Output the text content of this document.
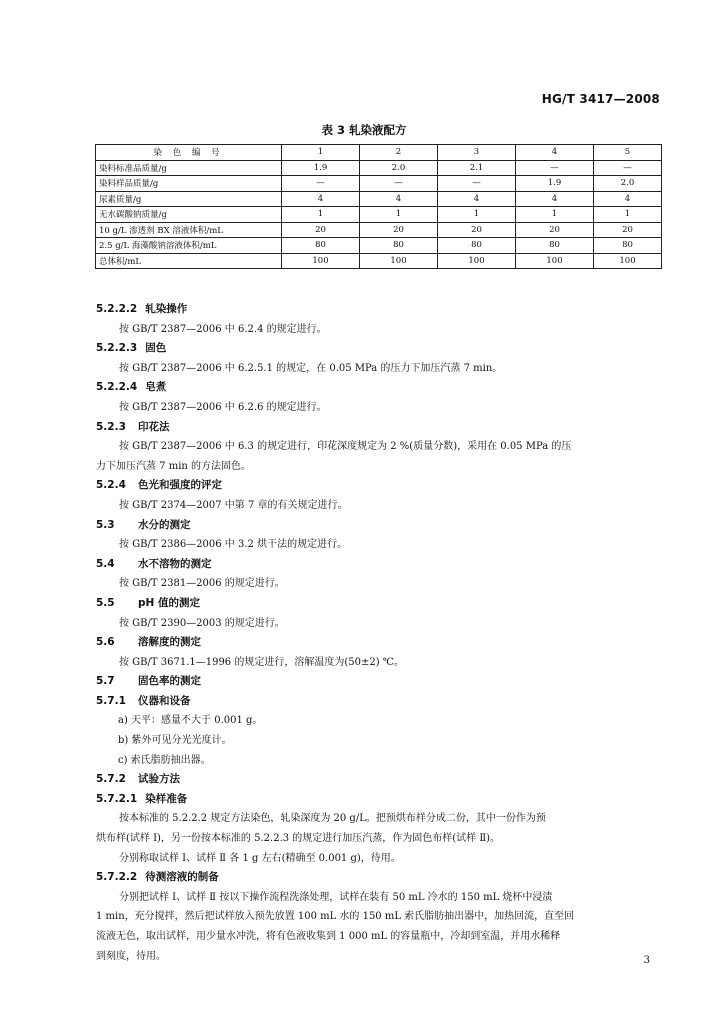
HG/T 3417—2008
表 3 轧染液配方
染 色 编 号	1	2	3	4	5
染料标准品质量/g	1.9	2.0	2.1	—	—
染料样品质量/g	—	—	—	1.9	2.0
尿素质量/g	4	4	4	4	4
无水碳酸钠质量/g	1	1	1	1	1
10 g/L 渗透剂 BX 溶液体积/mL	20	20	20	20	20
2.5 g/L 海藻酸钠溶液体积/mL	80	80	80	80	80
总体积/mL	100	100	100	100	100
5.2.2.2 轧染操作
按 GB/T 2387—2006 中 6.2.4 的规定进行。
5.2.2.3 固色
按 GB/T 2387—2006 中 6.2.5.1 的规定，在 0.05 MPa 的压力下加压汽蒸 7 min。
5.2.2.4 皂煮
按 GB/T 2387—2006 中 6.2.6 的规定进行。
5.2.3 印花法
按 GB/T 2387—2006 中 6.3 的规定进行，印花深度规定为 2 %(质量分数)，采用在 0.05 MPa 的压
力下加压汽蒸 7 min 的方法固色。
5.2.4 色光和强度的评定
按 GB/T 2374—2007 中第 7 章的有关规定进行。
5.3 水分的测定
按 GB/T 2386—2006 中 3.2 烘干法的规定进行。
5.4 水不溶物的测定
按 GB/T 2381—2006 的规定进行。
5.5 pH 值的测定
按 GB/T 2390—2003 的规定进行。
5.6 溶解度的测定
按 GB/T 3671.1—1996 的规定进行，溶解温度为(50±2) ℃。
5.7 固色率的测定
5.7.1 仪器和设备
a) 天平：感量不大于 0.001 g。
b) 紫外可见分光光度计。
c) 索氏脂肪抽出器。
5.7.2 试验方法
5.7.2.1 染样准备
按本标准的 5.2.2.2 规定方法染色，轧染深度为 20 g/L。把预烘布样分成二份，其中一份作为预
烘布样(试样 Ⅰ)，另一份按本标准的 5.2.2.3 的规定进行加压汽蒸，作为固色布样(试样 Ⅱ)。
分别称取试样 Ⅰ、试样 Ⅱ 各 1 g 左右(精确至 0.001 g)，待用。
5.7.2.2 待测溶液的制备
分别把试样 Ⅰ、试样 Ⅱ 按以下操作流程洗涤处理，试样在装有 50 mL 冷水的 150 mL 烧杯中浸渍
1 min，充分搅拌，然后把试样放入预先放置 100 mL 水的 150 mL 索氏脂肪抽出器中，加热回流，直至回
流液无色，取出试样，用少量水冲洗，将有色液收集到 1 000 mL 的容量瓶中，冷却到室温，并用水稀释
到刻度，待用。	3
